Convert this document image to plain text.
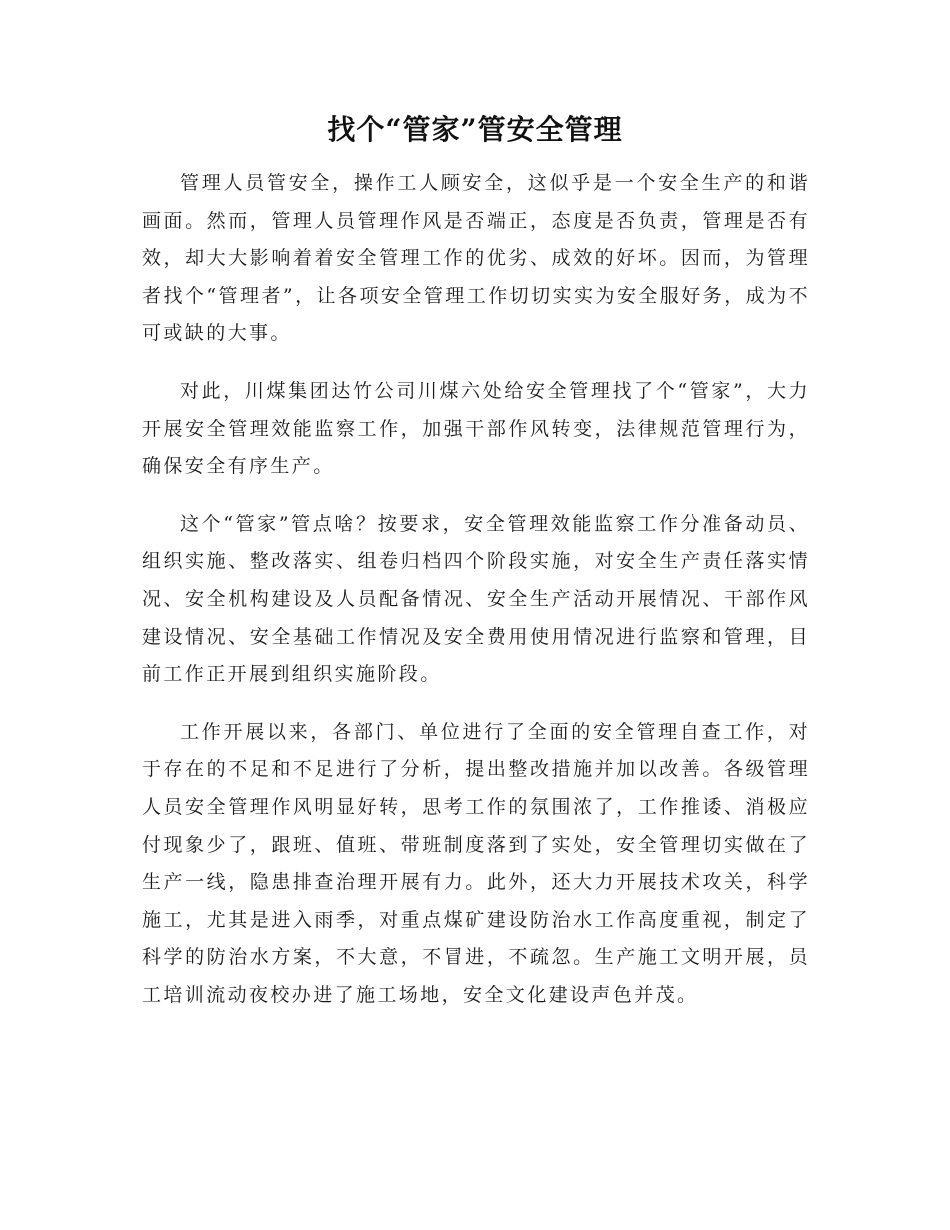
找个“管家”管安全管理

管理人员管安全，操作工人顾安全，这似乎是一个安全生产的和谐画面。然而，管理人员管理作风是否端正，态度是否负责，管理是否有效，却大大影响着着安全管理工作的优劣、成效的好坏。因而，为管理者找个“管理者”，让各项安全管理工作切切实实为安全服好务，成为不可或缺的大事。

对此，川煤集团达竹公司川煤六处给安全管理找了个“管家”，大力开展安全管理效能监察工作，加强干部作风转变，法律规范管理行为，确保安全有序生产。

这个“管家”管点啥？按要求，安全管理效能监察工作分准备动员、组织实施、整改落实、组卷归档四个阶段实施，对安全生产责任落实情况、安全机构建设及人员配备情况、安全生产活动开展情况、干部作风建设情况、安全基础工作情况及安全费用使用情况进行监察和管理，目前工作正开展到组织实施阶段。

工作开展以来，各部门、单位进行了全面的安全管理自查工作，对于存在的不足和不足进行了分析，提出整改措施并加以改善。各级管理人员安全管理作风明显好转，思考工作的氛围浓了，工作推诿、消极应付现象少了，跟班、值班、带班制度落到了实处，安全管理切实做在了生产一线，隐患排查治理开展有力。此外，还大力开展技术攻关，科学施工，尤其是进入雨季，对重点煤矿建设防治水工作高度重视，制定了科学的防治水方案，不大意，不冒进，不疏忽。生产施工文明开展，员工培训流动夜校办进了施工场地，安全文化建设声色并茂。
